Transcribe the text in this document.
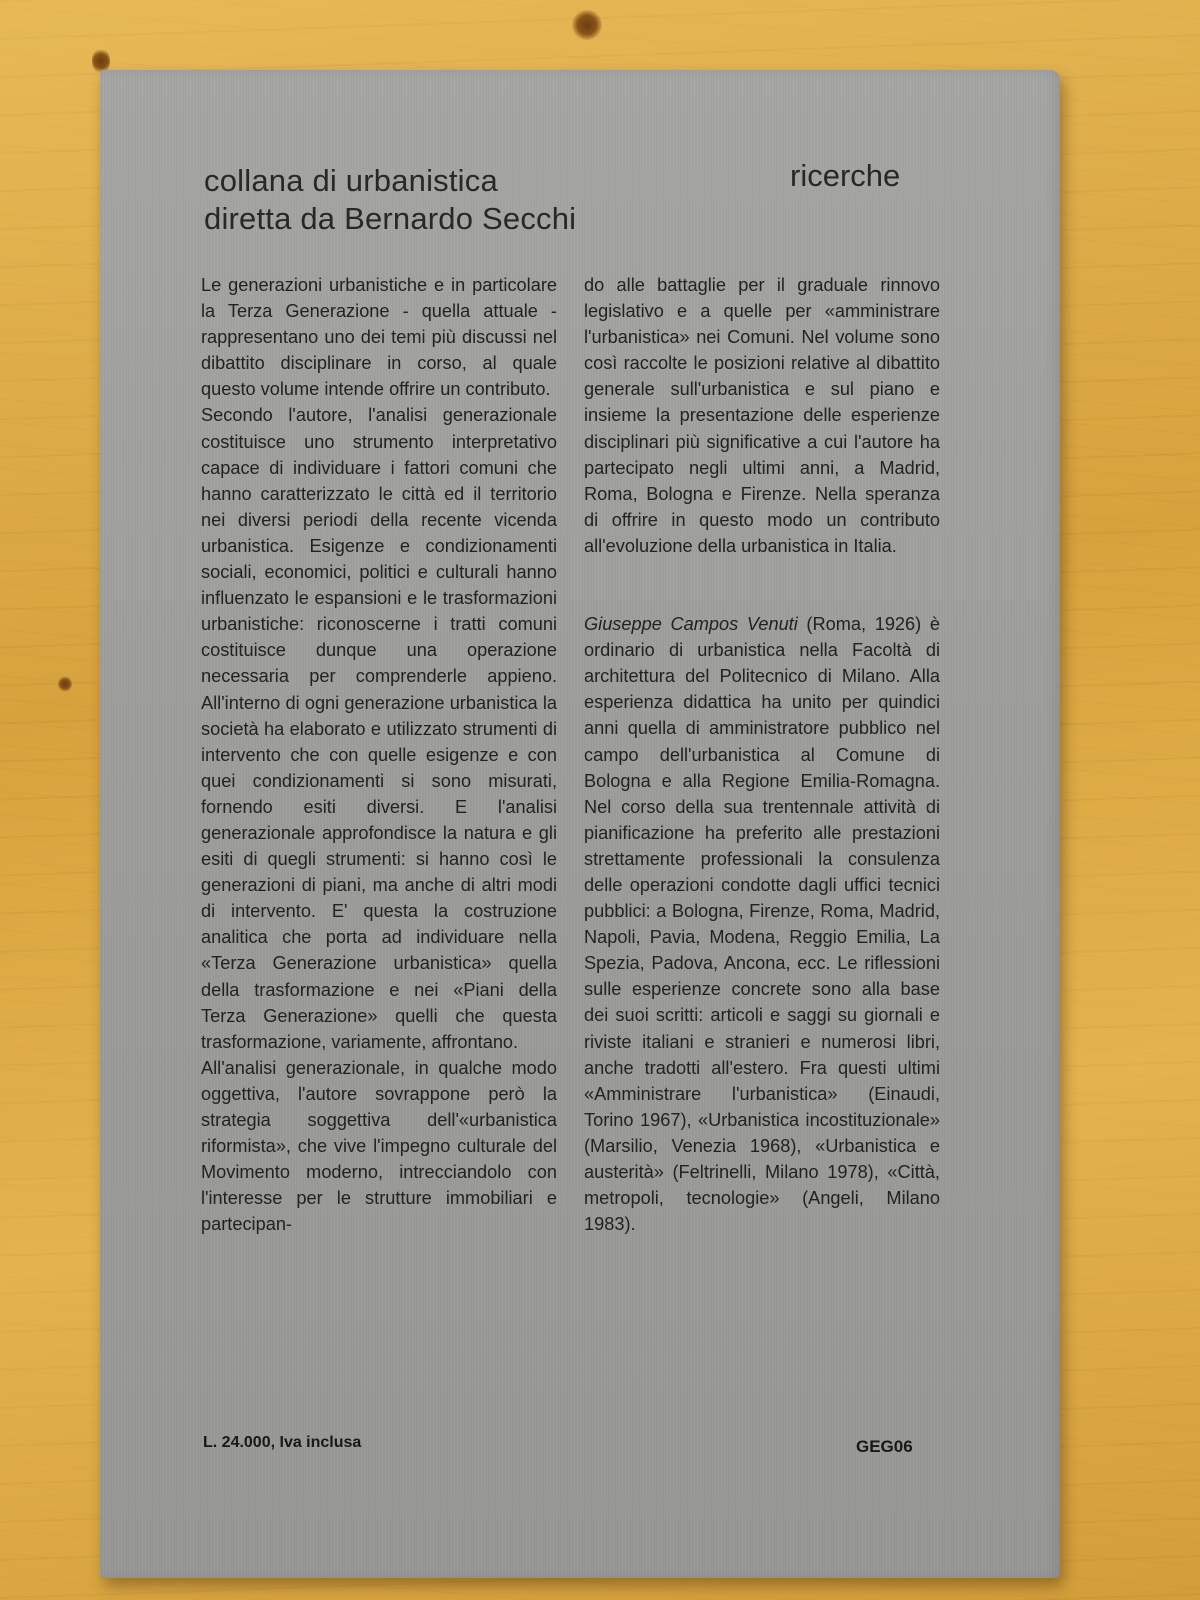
collana di urbanistica
diretta da Bernardo Secchi
ricerche

Le generazioni urbanistiche e in particolare la Terza Generazione - quella attuale - rappresentano uno dei temi più discussi nel dibattito disciplinare in corso, al quale questo volume intende offrire un contributo.

Secondo l'autore, l'analisi generazionale costituisce uno strumento interpretativo capace di individuare i fattori comuni che hanno caratterizzato le città ed il territorio nei diversi periodi della recente vicenda urbanistica. Esigenze e condizionamenti sociali, economici, politici e culturali hanno influenzato le espansioni e le trasformazioni urbanistiche: riconoscerne i tratti comuni costituisce dunque una operazione necessaria per comprenderle appieno. All'interno di ogni generazione urbanistica la società ha elaborato e utilizzato strumenti di intervento che con quelle esigenze e con quei condizionamenti si sono misurati, fornendo esiti diversi. E l'analisi generazionale approfondisce la natura e gli esiti di quegli strumenti: si hanno così le generazioni di piani, ma anche di altri modi di intervento. E' questa la costruzione analitica che porta ad individuare nella «Terza Generazione urbanistica» quella della trasformazione e nei «Piani della Terza Generazione» quelli che questa trasformazione, variamente, affrontano.

All'analisi generazionale, in qualche modo oggettiva, l'autore sovrappone però la strategia soggettiva dell'«urbanistica riformista», che vive l'impegno culturale del Movimento moderno, intrecciandolo con l'interesse per le strutture immobiliari e partecipan-

do alle battaglie per il graduale rinnovo legislativo e a quelle per «amministrare l'urbanistica» nei Comuni. Nel volume sono così raccolte le posizioni relative al dibattito generale sull'urbanistica e sul piano e insieme la presentazione delle esperienze disciplinari più significative a cui l'autore ha partecipato negli ultimi anni, a Madrid, Roma, Bologna e Firenze. Nella speranza di offrire in questo modo un contributo all'evoluzione della urbanistica in Italia.

Giuseppe Campos Venuti (Roma, 1926) è ordinario di urbanistica nella Facoltà di architettura del Politecnico di Milano. Alla esperienza didattica ha unito per quindici anni quella di amministratore pubblico nel campo dell'urbanistica al Comune di Bologna e alla Regione Emilia-Romagna. Nel corso della sua trentennale attività di pianificazione ha preferito alle prestazioni strettamente professionali la consulenza delle operazioni condotte dagli uffici tecnici pubblici: a Bologna, Firenze, Roma, Madrid, Napoli, Pavia, Modena, Reggio Emilia, La Spezia, Padova, Ancona, ecc. Le riflessioni sulle esperienze concrete sono alla base dei suoi scritti: articoli e saggi su giornali e riviste italiani e stranieri e numerosi libri, anche tradotti all'estero. Fra questi ultimi «Amministrare l'urbanistica» (Einaudi, Torino 1967), «Urbanistica incostituzionale» (Marsilio, Venezia 1968), «Urbanistica e austerità» (Feltrinelli, Milano 1978), «Città, metropoli, tecnologie» (Angeli, Milano 1983).

L. 24.000, Iva inclusa	GEG06
